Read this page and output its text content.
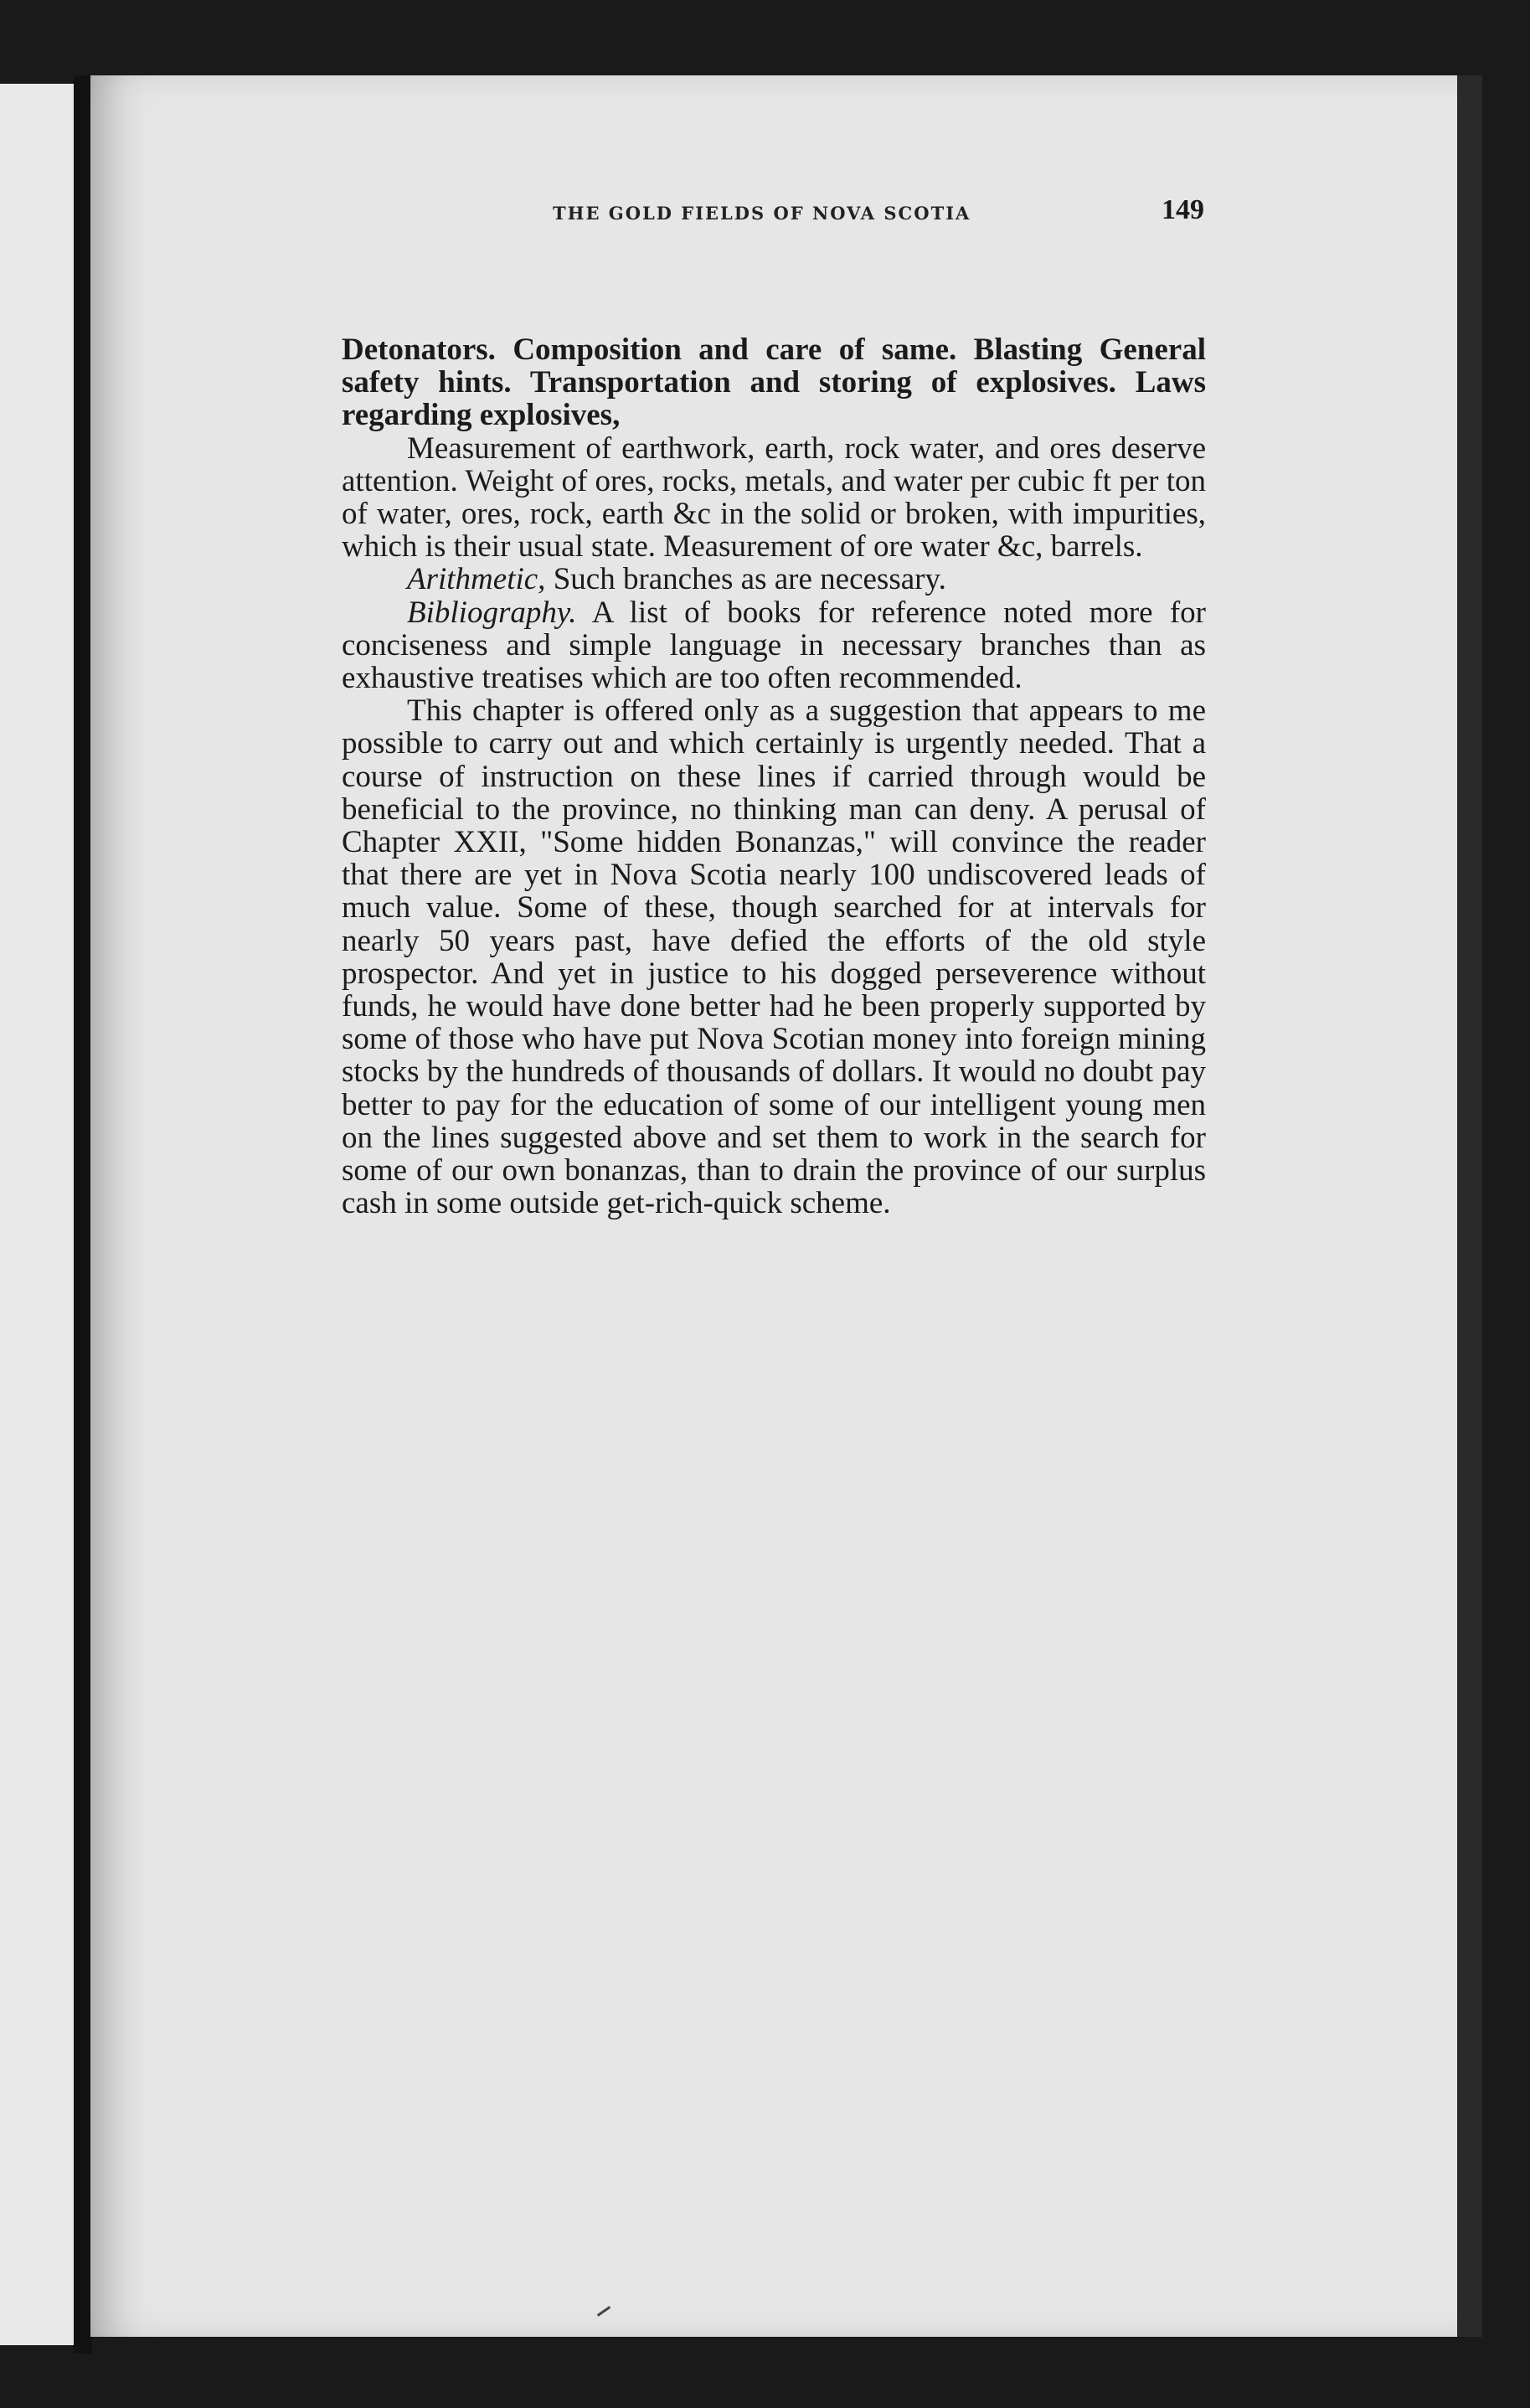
THE GOLD FIELDS OF NOVA SCOTIA	149

Detonators. Composition and care of same. Blasting General safety hints. Transportation and storing of explosives. Laws regarding explosives,

Measurement of earthwork, earth, rock water, and ores deserve attention. Weight of ores, rocks, metals, and water per cubic ft per ton of water, ores, rock, earth &c in the solid or broken, with impurities, which is their usual state. Measurement of ore water &c, barrels.

Arithmetic, Such branches as are necessary.

Bibliography. A list of books for reference noted more for conciseness and simple language in necessary branches than as exhaustive treatises which are too often recommended.

This chapter is offered only as a suggestion that appears to me possible to carry out and which certainly is urgently needed. That a course of instruction on these lines if carried through would be beneficial to the province, no thinking man can deny. A perusal of Chapter XXII, "Some hidden Bonanzas," will convince the reader that there are yet in Nova Scotia nearly 100 undiscovered leads of much value. Some of these, though searched for at intervals for nearly 50 years past, have defied the efforts of the old style prospector. And yet in justice to his dogged perseverence without funds, he would have done better had he been properly supported by some of those who have put Nova Scotian money into foreign mining stocks by the hundreds of thousands of dollars. It would no doubt pay better to pay for the education of some of our intelligent young men on the lines suggested above and set them to work in the search for some of our own bonanzas, than to drain the province of our surplus cash in some outside get-rich-quick scheme.
